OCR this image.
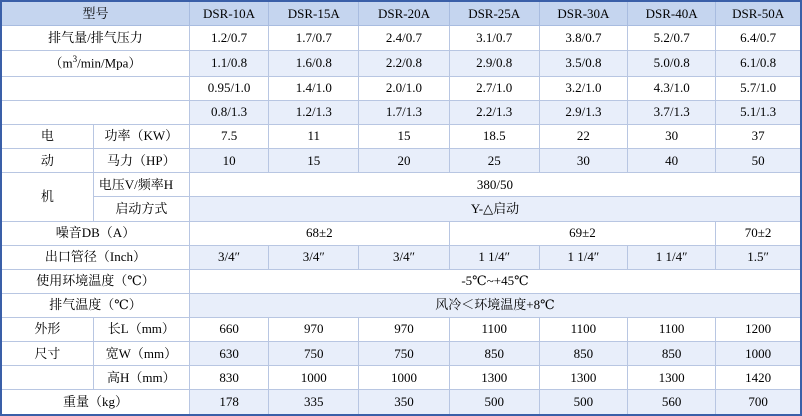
型号		DSR-10A	DSR-15A	DSR-20A	DSR-25A	DSR-30A	DSR-40A	DSR-50A
排气量/排气压力		1.2/0.7	1.7/0.7	2.4/0.7	3.1/0.7	3.8/0.7	5.2/0.7	6.4/0.7
$(m^3/\min/Mpa)$		1.1/0.8	1.6/0.8	2.2/0.8	2.9/0.8	3.5/0.8	5.0/0.8	6.1/0.8
		0.95/1.0	1.4/1.0	2.0/1.0	2.7/1.0	3.2/1.0	4.3/1.0	5.7/1.0
		0.8/1.3	1.2/1.3	1.7/1.3	2.2/1.3	2.9/1.3	3.7/1.3	5.1/1.3
电	功率（KW）	7.5	11	15	18.5	22	30	37
动	马力（HP）	10	15	20	25	30	40	50
机	电压V/频率H	380/50						
	启动方式	Y-△启动						
噪音DB（A）		68±2			69±2			70±2
出口管径（Inch）		3/4″	3/4″	3/4″	1 1/4″	1 1/4″	1 1/4″	1.5″
使用环境温度（℃）		-5℃~+45℃						
排气温度（℃）		风冷＜环境温度+8℃						
外形	长L（mm）	660	970	970	1100	1100	1100	1200
尺寸	宽W（mm）	630	750	750	850	850	850	1000
	高H（mm）	830	1000	1000	1300	1300	1300	1420
重量（kg）		178	335	350	500	500	560	700
